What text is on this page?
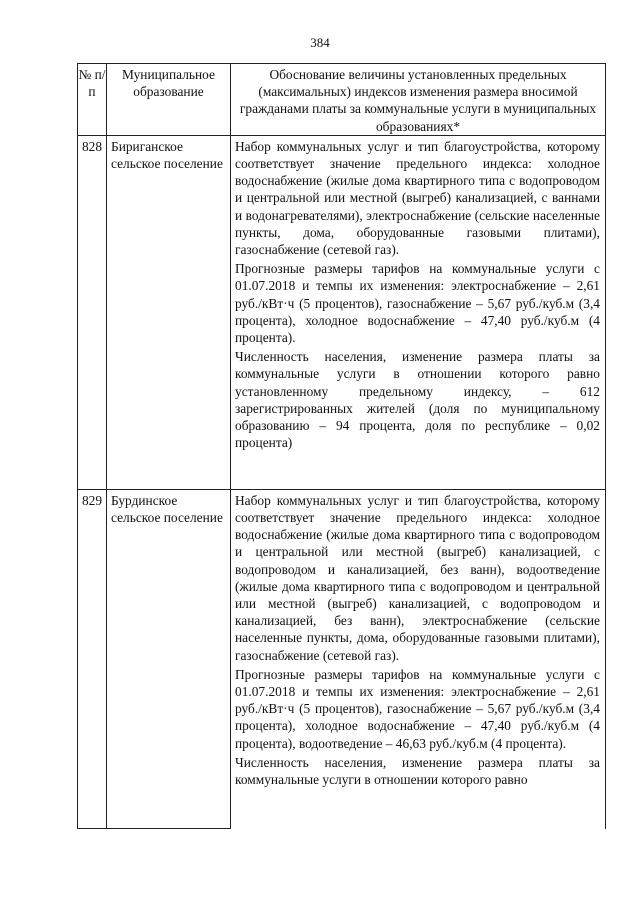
384
№ п/п	Муниципальное образование	Обоснование величины установленных предельных (максимальных) индексов изменения размера вносимой гражданами платы за коммунальные услуги в муниципальных образованиях*
828	Бириганское сельское поселение	Набор коммунальных услуг и тип благоустройства, которому соответствует значение предельного индекса: холодное водоснабжение (жилые дома квартирного типа с водопроводом и центральной или местной (выгреб) канализацией, с ваннами и водонагревателями), электроснабжение (сельские населенные пункты, дома, оборудованные газовыми плитами), газоснабжение (сетевой газ).

Прогнозные размеры тарифов на коммунальные услуги с 01.07.2018 и темпы их изменения: электроснабжение – 2,61 руб./кВт·ч (5 процентов), газоснабжение – 5,67 руб./куб.м (3,4 процента), холодное водоснабжение – 47,40 руб./куб.м (4 процента).

Численность населения, изменение размера платы за коммунальные услуги в отношении которого равно установленному предельному индексу, – 612 зарегистрированных жителей (доля по муниципальному образованию – 94 процента, доля по республике – 0,02 процента)

829	Бурдинское сельское поселение	Набор коммунальных услуг и тип благоустройства, которому соответствует значение предельного индекса: холодное водоснабжение (жилые дома квартирного типа с водопроводом и центральной или местной (выгреб) канализацией, с водопроводом и канализацией, без ванн), водоотведение (жилые дома квартирного типа с водопроводом и центральной или местной (выгреб) канализацией, с водопроводом и канализацией, без ванн), электроснабжение (сельские населенные пункты, дома, оборудованные газовыми плитами), газоснабжение (сетевой газ).

Прогнозные размеры тарифов на коммунальные услуги с 01.07.2018 и темпы их изменения: электроснабжение – 2,61 руб./кВт·ч (5 процентов), газоснабжение – 5,67 руб./куб.м (3,4 процента), холодное водоснабжение – 47,40 руб./куб.м (4 процента), водоотведение – 46,63 руб./куб.м (4 процента).

Численность населения, изменение размера платы за коммунальные услуги в отношении которого равно
